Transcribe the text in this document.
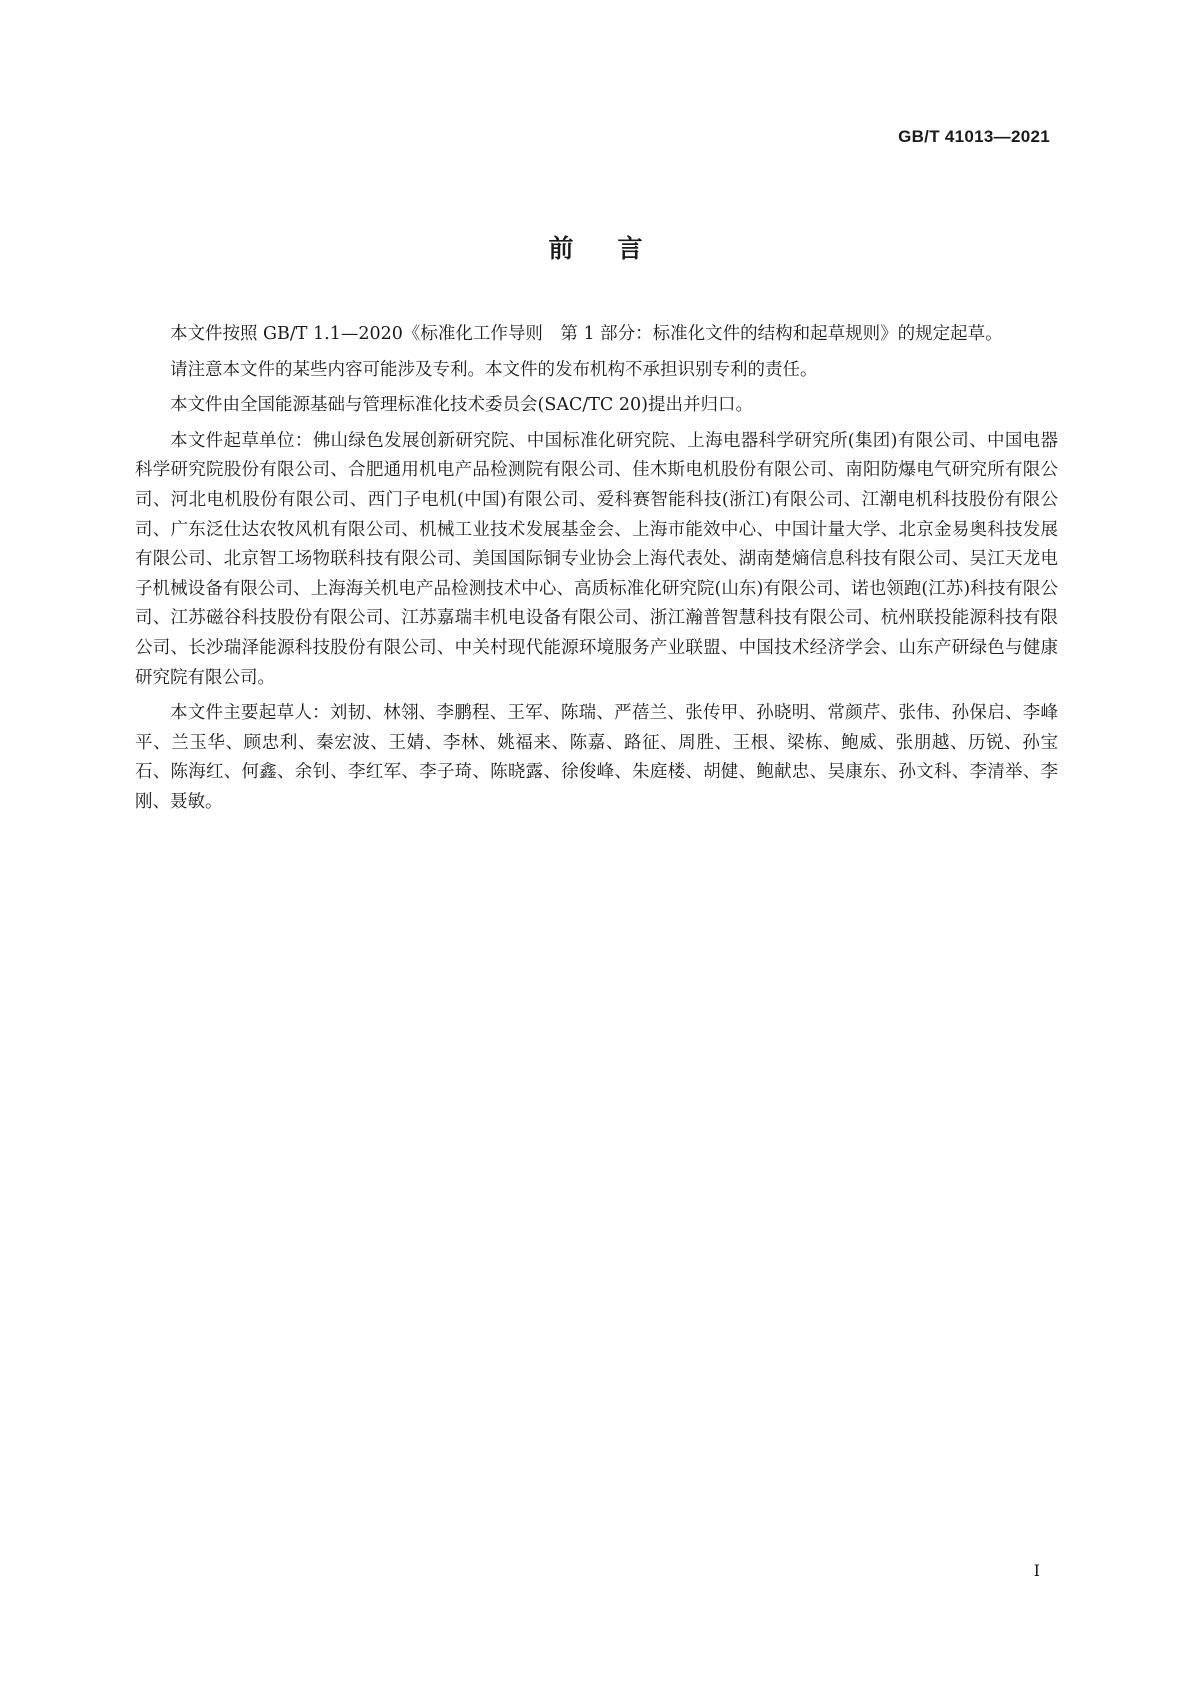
GB/T 41013—2021
前言

本文件按照 GB/T 1.1—2020《标准化工作导则　第 1 部分：标准化文件的结构和起草规则》的规定起草。

请注意本文件的某些内容可能涉及专利。本文件的发布机构不承担识别专利的责任。

本文件由全国能源基础与管理标准化技术委员会(SAC/TC 20)提出并归口。

本文件起草单位：佛山绿色发展创新研究院、中国标准化研究院、上海电器科学研究所(集团)有限公司、中国电器科学研究院股份有限公司、合肥通用机电产品检测院有限公司、佳木斯电机股份有限公司、南阳防爆电气研究所有限公司、河北电机股份有限公司、西门子电机(中国)有限公司、爱科赛智能科技(浙江)有限公司、江潮电机科技股份有限公司、广东泛仕达农牧风机有限公司、机械工业技术发展基金会、上海市能效中心、中国计量大学、北京金易奥科技发展有限公司、北京智工场物联科技有限公司、美国国际铜专业协会上海代表处、湖南楚熵信息科技有限公司、吴江天龙电子机械设备有限公司、上海海关机电产品检测技术中心、高质标准化研究院(山东)有限公司、诺也领跑(江苏)科技有限公司、江苏磁谷科技股份有限公司、江苏嘉瑞丰机电设备有限公司、浙江瀚普智慧科技有限公司、杭州联投能源科技有限公司、长沙瑞泽能源科技股份有限公司、中关村现代能源环境服务产业联盟、中国技术经济学会、山东产研绿色与健康研究院有限公司。

本文件主要起草人：刘韧、林翎、李鹏程、王军、陈瑞、严蓓兰、张传甲、孙晓明、常颜芹、张伟、孙保启、李峰平、兰玉华、顾忠利、秦宏波、王婧、李林、姚福来、陈嘉、路征、周胜、王根、梁栋、鲍威、张朋越、历锐、孙宝石、陈海红、何鑫、余钊、李红军、李子琦、陈晓露、徐俊峰、朱庭楼、胡健、鲍献忠、吴康东、孙文科、李清举、李刚、聂敏。

I
